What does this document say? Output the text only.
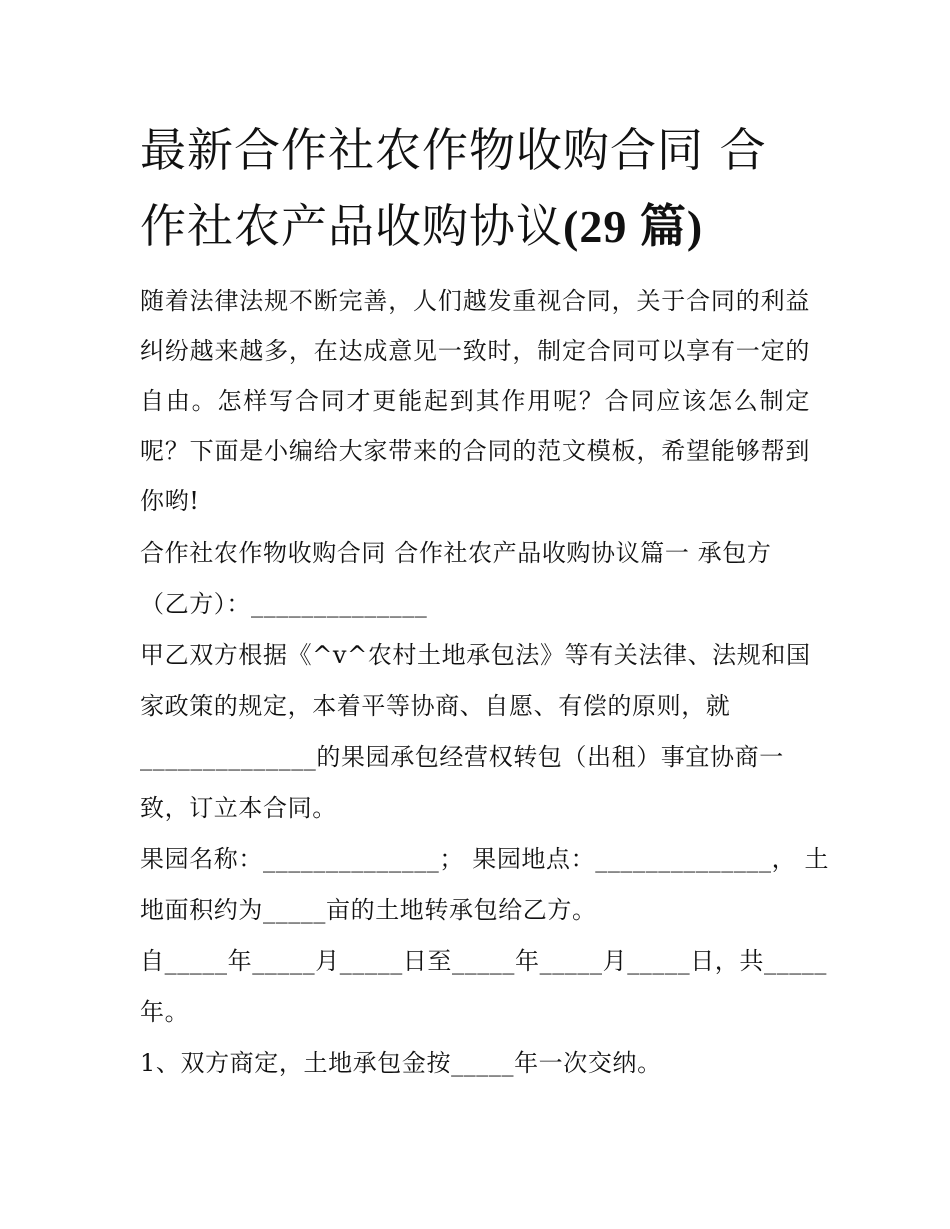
最新合作社农作物收购合同 合
作社农产品收购协议(29 篇)
随着法律法规不断完善，人们越发重视合同，关于合同的利益
纠纷越来越多，在达成意见一致时，制定合同可以享有一定的
自由。怎样写合同才更能起到其作用呢？合同应该怎么制定
呢？下面是小编给大家带来的合同的范文模板，希望能够帮到
你哟!
合作社农作物收购合同 合作社农产品收购协议篇一 承包方
（乙方）：______________
甲乙双方根据《^v^农村土地承包法》等有关法律、法规和国
家政策的规定，本着平等协商、自愿、有偿的原则，就
______________的果园承包经营权转包（出租）事宜协商一
致，订立本合同。
果园名称：______________； 果园地点：______________， 土
地面积约为_____亩的土地转承包给乙方。
自_____年_____月_____日至_____年_____月_____日，共_____
年。
1、双方商定，土地承包金按_____年一次交纳。
